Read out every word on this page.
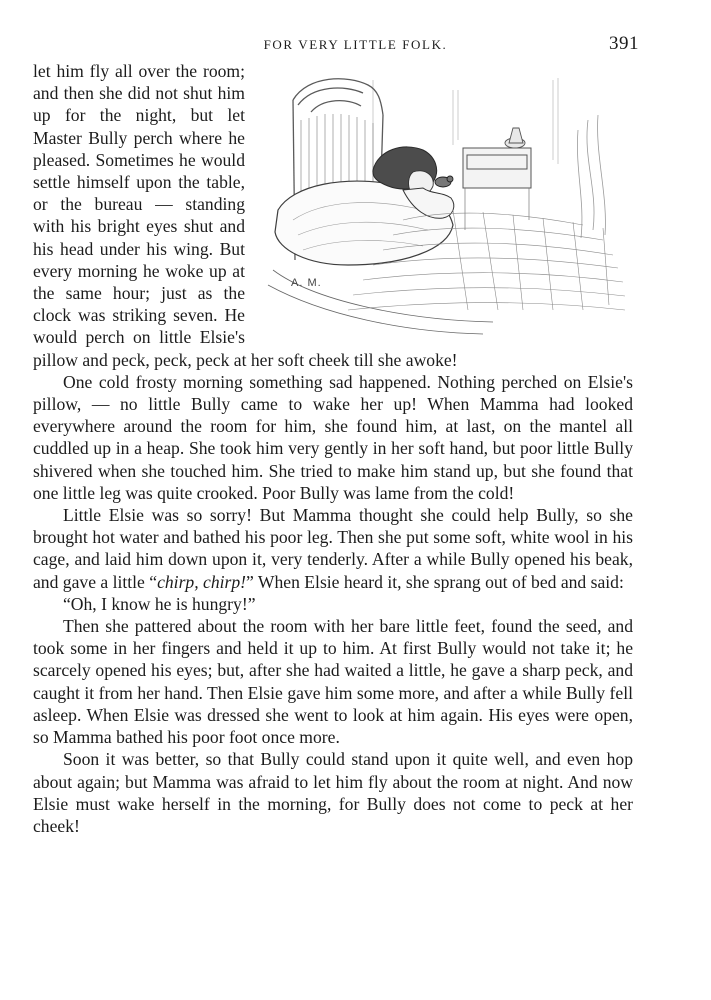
FOR VERY LITTLE FOLK.	391

A. M.
let him fly all over the room; and then she did not shut him up for the night, but let Master Bully perch where he pleased. Sometimes he would settle himself upon the table, or the bureau — standing with his bright eyes shut and his head under his wing. But every morning he woke up at the same hour; just as the clock was striking seven. He would perch on little Elsie's pillow and peck, peck, peck at her soft cheek till she awoke!

One cold frosty morning something sad happened. Nothing perched on Elsie's pillow, — no little Bully came to wake her up! When Mamma had looked everywhere around the room for him, she found him, at last, on the mantel all cuddled up in a heap. She took him very gently in her soft hand, but poor little Bully shivered when she touched him. She tried to make him stand up, but she found that one little leg was quite crooked. Poor Bully was lame from the cold!

Little Elsie was so sorry! But Mamma thought she could help Bully, so she brought hot water and bathed his poor leg. Then she put some soft, white wool in his cage, and laid him down upon it, very tenderly. After a while Bully opened his beak, and gave a little “chirp, chirp!” When Elsie heard it, she sprang out of bed and said:

“Oh, I know he is hungry!”

Then she pattered about the room with her bare little feet, found the seed, and took some in her fingers and held it up to him. At first Bully would not take it; he scarcely opened his eyes; but, after she had waited a little, he gave a sharp peck, and caught it from her hand. Then Elsie gave him some more, and after a while Bully fell asleep. When Elsie was dressed she went to look at him again. His eyes were open, so Mamma bathed his poor foot once more.

Soon it was better, so that Bully could stand upon it quite well, and even hop about again; but Mamma was afraid to let him fly about the room at night. And now Elsie must wake herself in the morning, for Bully does not come to peck at her cheek!
